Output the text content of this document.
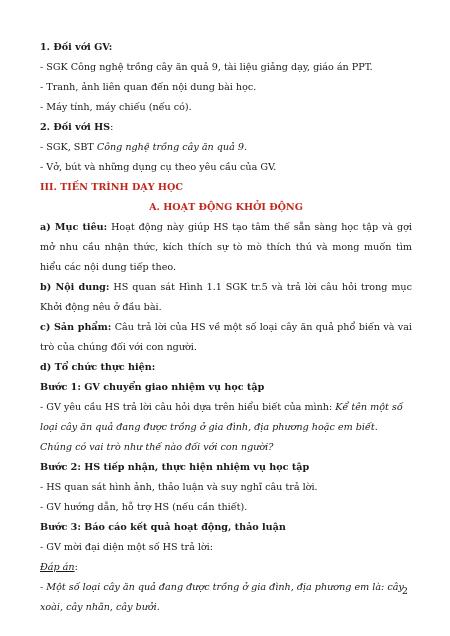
1. Đối với GV:
- SGK Công nghệ trồng cây ăn quả 9, tài liệu giảng dạy, giáo án PPT.
- Tranh, ảnh liên quan đến nội dung bài học.
- Máy tính, máy chiếu (nếu có).
2. Đối với HS:
- SGK, SBT Công nghệ trồng cây ăn quả 9.
- Vở, bút và những dụng cụ theo yêu cầu của GV.
III. TIẾN TRÌNH DẠY HỌC
A. HOẠT ĐỘNG KHỞI ĐỘNG
a) Mục tiêu: Hoạt động này giúp HS tạo tâm thế sẵn sàng học tập và gợi mở nhu cầu nhận thức, kích thích sự tò mò thích thú và mong muốn tìm hiểu các nội dung tiếp theo.
b) Nội dung: HS quan sát Hình 1.1 SGK tr.5 và trả lời câu hỏi trong mục Khởi động nêu ở đầu bài.
c) Sản phẩm: Câu trả lời của HS về một số loại cây ăn quả phổ biến và vai trò của chúng đối với con người.
d) Tổ chức thực hiện:
Bước 1: GV chuyển giao nhiệm vụ học tập
- GV yêu cầu HS trả lời câu hỏi dựa trên hiểu biết của mình: Kể tên một số loại cây ăn quả đang được trồng ở gia đình, địa phương hoặc em biết. Chúng có vai trò như thế nào đối với con người?
Bước 2: HS tiếp nhận, thực hiện nhiệm vụ học tập
- HS quan sát hình ảnh, thảo luận và suy nghĩ câu trả lời.
- GV hướng dẫn, hỗ trợ HS (nếu cần thiết).
Bước 3: Báo cáo kết quả hoạt động, thảo luận
- GV mời đại diện một số HS trả lời:
Đáp án:
- Một số loại cây ăn quả đang được trồng ở gia đình, địa phương em là: cây xoài, cây nhãn, cây bưởi.
2
